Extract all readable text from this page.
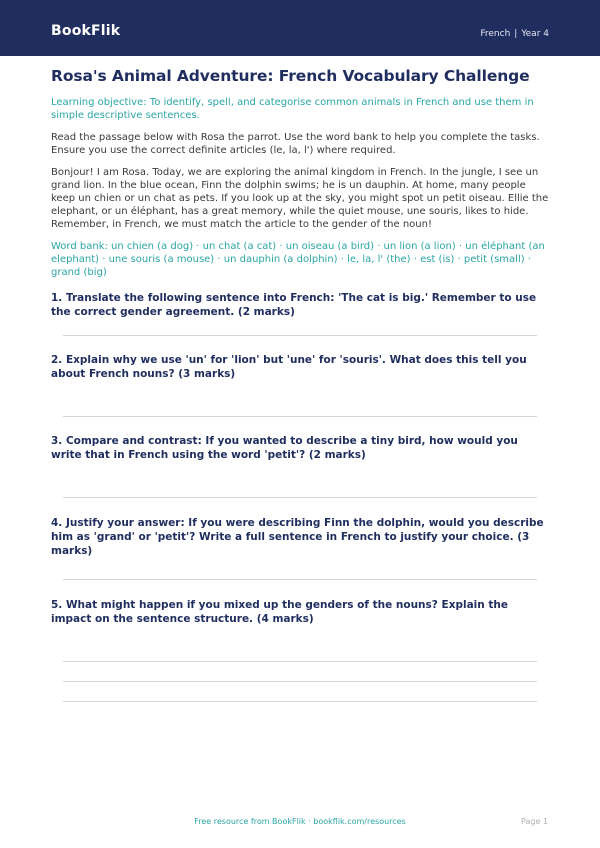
BookFlik	French | Year 4
Rosa's Animal Adventure: French Vocabulary Challenge
Learning objective: To identify, spell, and categorise common animals in French and use them in simple descriptive sentences.
Read the passage below with Rosa the parrot. Use the word bank to help you complete the tasks. Ensure you use the correct definite articles (le, la, l') where required.
Bonjour! I am Rosa. Today, we are exploring the animal kingdom in French. In the jungle, I see un grand lion. In the blue ocean, Finn the dolphin swims; he is un dauphin. At home, many people keep un chien or un chat as pets. If you look up at the sky, you might spot un petit oiseau. Ellie the elephant, or un éléphant, has a great memory, while the quiet mouse, une souris, likes to hide. Remember, in French, we must match the article to the gender of the noun!
Word bank: un chien (a dog) · un chat (a cat) · un oiseau (a bird) · un lion (a lion) · un éléphant (an elephant) · une souris (a mouse) · un dauphin (a dolphin) · le, la, l' (the) · est (is) · petit (small) · grand (big)
1. Translate the following sentence into French: 'The cat is big.' Remember to use the correct gender agreement. (2 marks)
2. Explain why we use 'un' for 'lion' but 'une' for 'souris'. What does this tell you about French nouns? (3 marks)
3. Compare and contrast: If you wanted to describe a tiny bird, how would you write that in French using the word 'petit'? (2 marks)
4. Justify your answer: If you were describing Finn the dolphin, would you describe him as 'grand' or 'petit'? Write a full sentence in French to justify your choice. (3 marks)
5. What might happen if you mixed up the genders of the nouns? Explain the impact on the sentence structure. (4 marks)
Free resource from BookFlik · bookflik.com/resources	Page 1
